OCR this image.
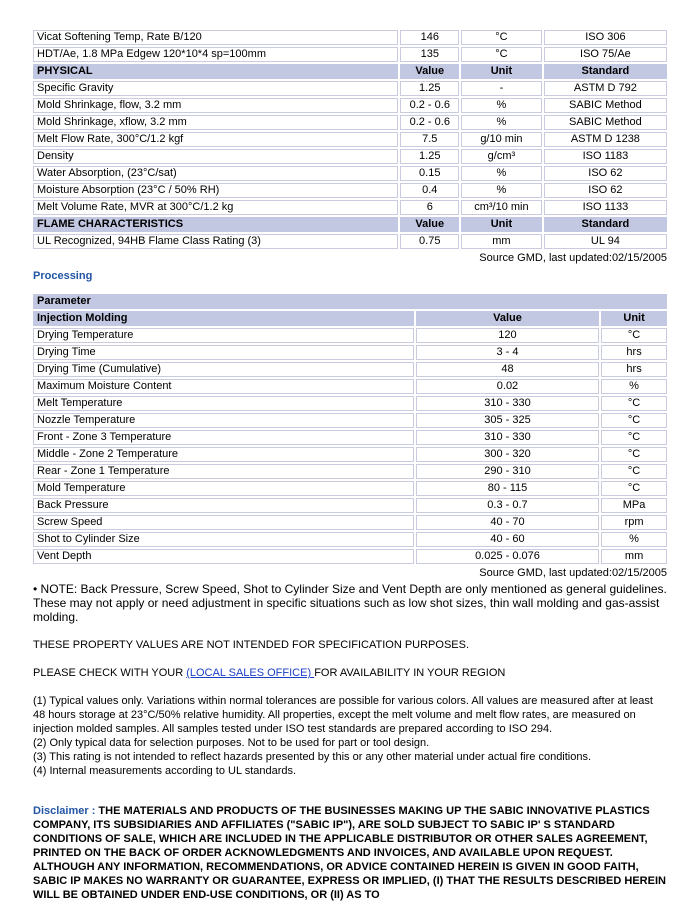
Vicat Softening Temp, Rate B/120	146	°C	ISO 306
HDT/Ae, 1.8 MPa Edgew 120*10*4 sp=100mm	135	°C	ISO 75/Ae
PHYSICAL	Value	Unit	Standard
Specific Gravity	1.25	-	ASTM D 792
Mold Shrinkage, flow, 3.2 mm	0.2 - 0.6	%	SABIC Method
Mold Shrinkage, xflow, 3.2 mm	0.2 - 0.6	%	SABIC Method
Melt Flow Rate, 300°C/1.2 kgf	7.5	g/10 min	ASTM D 1238
Density	1.25	g/cm³	ISO 1183
Water Absorption, (23°C/sat)	0.15	%	ISO 62
Moisture Absorption (23°C / 50% RH)	0.4	%	ISO 62
Melt Volume Rate, MVR at 300°C/1.2 kg	6	cm³/10 min	ISO 1133
FLAME CHARACTERISTICS	Value	Unit	Standard
UL Recognized, 94HB Flame Class Rating (3)	0.75	mm	UL 94
Source GMD, last updated:02/15/2005
Processing
Parameter		
Injection Molding	Value	Unit
Drying Temperature	120	°C
Drying Time	3 - 4	hrs
Drying Time (Cumulative)	48	hrs
Maximum Moisture Content	0.02	%
Melt Temperature	310 - 330	°C
Nozzle Temperature	305 - 325	°C
Front - Zone 3 Temperature	310 - 330	°C
Middle - Zone 2 Temperature	300 - 320	°C
Rear - Zone 1 Temperature	290 - 310	°C
Mold Temperature	80 - 115	°C
Back Pressure	0.3 - 0.7	MPa
Screw Speed	40 - 70	rpm
Shot to Cylinder Size	40 - 60	%
Vent Depth	0.025 - 0.076	mm
Source GMD, last updated:02/15/2005
• NOTE: Back Pressure, Screw Speed, Shot to Cylinder Size and Vent Depth are only mentioned as general guidelines. These may not apply or need adjustment in specific situations such as low shot sizes, thin wall molding and gas-assist molding.
THESE PROPERTY VALUES ARE NOT INTENDED FOR SPECIFICATION PURPOSES.
PLEASE CHECK WITH YOUR (LOCAL SALES OFFICE) FOR AVAILABILITY IN YOUR REGION
(1) Typical values only. Variations within normal tolerances are possible for various colors. All values are measured after at least 48 hours storage at 23°C/50% relative humidity. All properties, except the melt volume and melt flow rates, are measured on injection molded samples. All samples tested under ISO test standards are prepared according to ISO 294.
(2) Only typical data for selection purposes. Not to be used for part or tool design.
(3) This rating is not intended to reflect hazards presented by this or any other material under actual fire conditions.
(4) Internal measurements according to UL standards.
Disclaimer : THE MATERIALS AND PRODUCTS OF THE BUSINESSES MAKING UP THE SABIC INNOVATIVE PLASTICS COMPANY, ITS SUBSIDIARIES AND AFFILIATES ("SABIC IP"), ARE SOLD SUBJECT TO SABIC IP' S STANDARD CONDITIONS OF SALE, WHICH ARE INCLUDED IN THE APPLICABLE DISTRIBUTOR OR OTHER SALES AGREEMENT, PRINTED ON THE BACK OF ORDER ACKNOWLEDGMENTS AND INVOICES, AND AVAILABLE UPON REQUEST. ALTHOUGH ANY INFORMATION, RECOMMENDATIONS, OR ADVICE CONTAINED HEREIN IS GIVEN IN GOOD FAITH, SABIC IP MAKES NO WARRANTY OR GUARANTEE, EXPRESS OR IMPLIED, (I) THAT THE RESULTS DESCRIBED HEREIN WILL BE OBTAINED UNDER END-USE CONDITIONS, OR (II) AS TO
